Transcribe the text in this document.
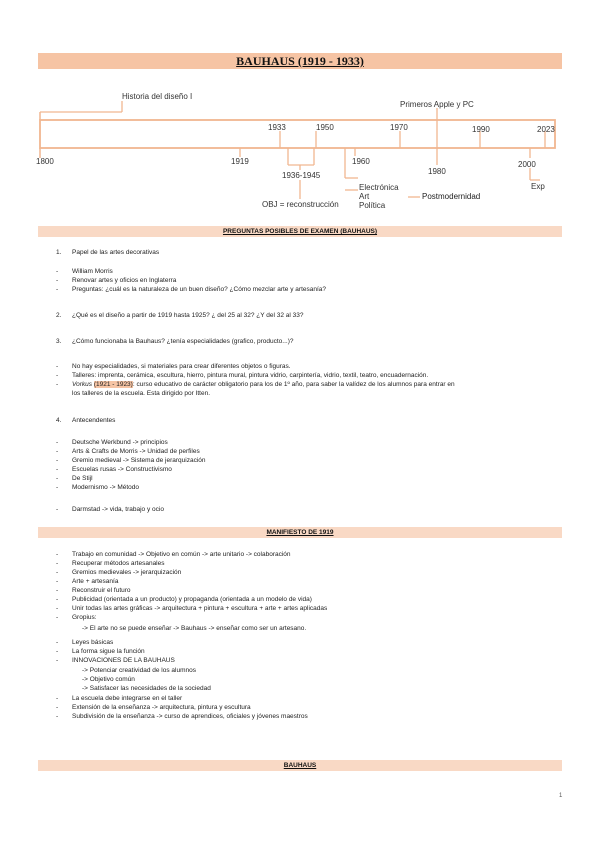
BAUHAUS (1919 - 1933)
Historia del diseño I
1800	1919
1933
1936-1945
OBJ = reconstrucción
1950
1960
Electrónica
Art
Política
1970
Primeros Apple y PC
1980
Postmodernidad
1990
2000
Exp
2023
PREGUNTAS POSIBLES DE EXAMEN (BAUHAUS)
1. Papel de las artes decorativas
- William Morris
- Renovar artes y oficios en Inglaterra
- Preguntas: ¿cuál es la naturaleza de un buen diseño? ¿Cómo mezclar arte y artesanía?
2. ¿Qué es el diseño a partir de 1919 hasta 1925? ¿ del 25 al 32? ¿Y del 32 al 33?
3. ¿Cómo funcionaba la Bauhaus? ¿tenía especialidades (grafico, producto...)?
- No hay especialidades, si materiales para crear diferentes objetos o figuras.
- Talleres: imprenta, cerámica, escultura, hierro, pintura mural, pintura vidrio, carpintería, vidrio, textil, teatro, encuadernación.
- Vorkus (1921 - 1923): curso educativo de carácter obligatorio para los de 1º año, para saber la valídez de los alumnos para entrar en
los talleres de la escuela. Esta dirigido por Itten.
4. Antecendentes
- Deutsche Werkbund -> principios
- Arts & Crafts de Morris -> Unidad de perfiles
- Gremio medieval -> Sistema de jerarquización
- Escuelas rusas -> Constructivismo
- De Stijl
- Modernismo -> Método
- Darmstad -> vida, trabajo y ocio
MANIFIESTO DE 1919
- Trabajo en comunidad -> Objetivo en común -> arte unitario -> colaboración
- Recuperar métodos artesanales
- Gremios medievales -> jerarquización
- Arte + artesanía
- Reconstruir el futuro
- Publicidad (orientada a un producto) y propaganda (orientada a un modelo de vida)
- Unir todas las artes gráficas -> arquitectura + pintura + escultura + arte + artes aplicadas
- Gropius:
-> El arte no se puede enseñar -> Bauhaus -> enseñar como ser un artesano.
- Leyes básicas
- La forma sigue la función
- INNOVACIONES DE LA BAUHAUS
-> Potenciar creatividad de los alumnos
-> Objetivo común
-> Satisfacer las necesidades de la sociedad
- La escuela debe integrarse en el taller
- Extensión de la enseñanza -> arquitectura, pintura y escultura
- Subdivisión de la enseñanza -> curso de aprendices, oficiales y jóvenes maestros
BAUHAUS
1
